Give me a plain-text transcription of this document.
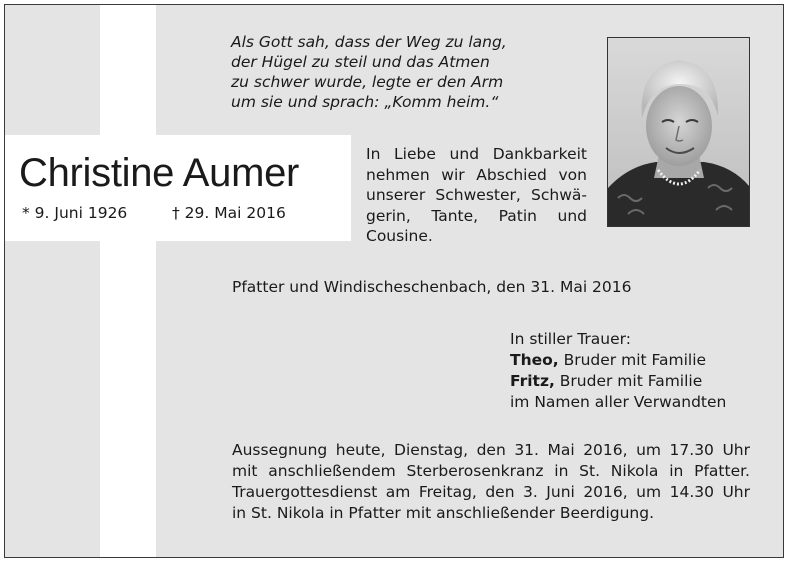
Als Gott sah, dass der Weg zu lang,
der Hügel zu steil und das Atmen
zu schwer wurde, legte er den Arm
um sie und sprach: „Komm heim.“
Christine Aumer
* 9. Juni 1926	† 29. Mai 2016
In Liebe und Dankbarkeit
nehmen wir Abschied von
unserer Schwester, Schwä-
gerin, Tante, Patin und
Cousine.
Pfatter und Windischeschenbach, den 31. Mai 2016
In stiller Trauer:
Theo, Bruder mit Familie
Fritz, Bruder mit Familie
im Namen aller Verwandten
Aussegnung heute, Dienstag, den 31. Mai 2016, um 17.30 Uhr
mit anschließendem Sterberosenkranz in St. Nikola in Pfatter.
Trauergottesdienst am Freitag, den 3. Juni 2016, um 14.30 Uhr
in St. Nikola in Pfatter mit anschließender Beerdigung.
